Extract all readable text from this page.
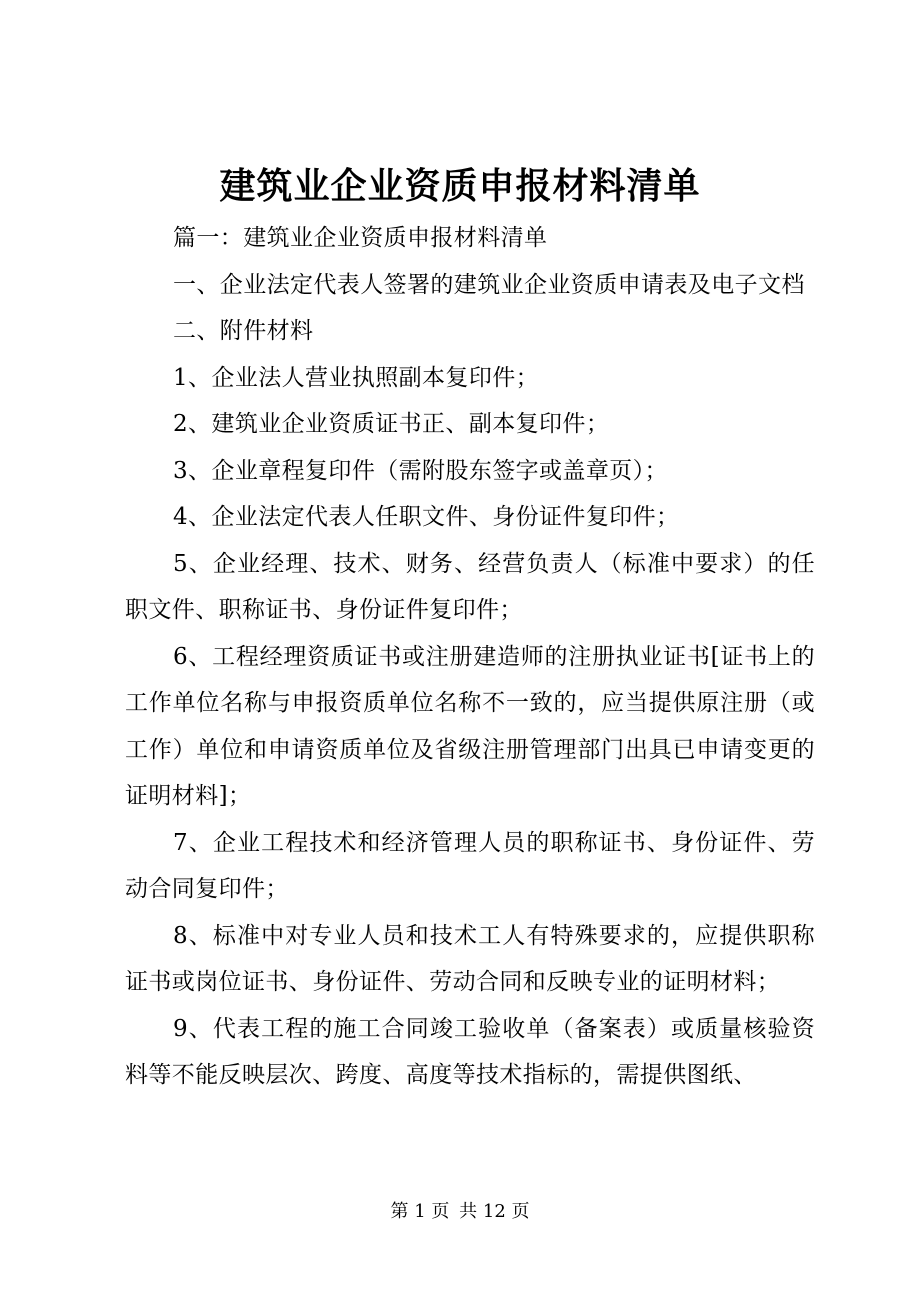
建筑业企业资质申报材料清单

篇一：建筑业企业资质申报材料清单

一、企业法定代表人签署的建筑业企业资质申请表及电子文档

二、附件材料

1、企业法人营业执照副本复印件；

2、建筑业企业资质证书正、副本复印件；

3、企业章程复印件（需附股东签字或盖章页）；

4、企业法定代表人任职文件、身份证件复印件；

5、企业经理、技术、财务、经营负责人（标准中要求）的任职文件、职称证书、身份证件复印件；

6、工程经理资质证书或注册建造师的注册执业证书[证书上的工作单位名称与申报资质单位名称不一致的，应当提供原注册（或工作）单位和申请资质单位及省级注册管理部门出具已申请变更的证明材料]；

7、企业工程技术和经济管理人员的职称证书、身份证件、劳动合同复印件；

8、标准中对专业人员和技术工人有特殊要求的，应提供职称证书或岗位证书、身份证件、劳动合同和反映专业的证明材料；

9、代表工程的施工合同竣工验收单（备案表）或质量核验资料等不能反映层次、跨度、高度等技术指标的，需提供图纸、

第 1 页 共 12 页
